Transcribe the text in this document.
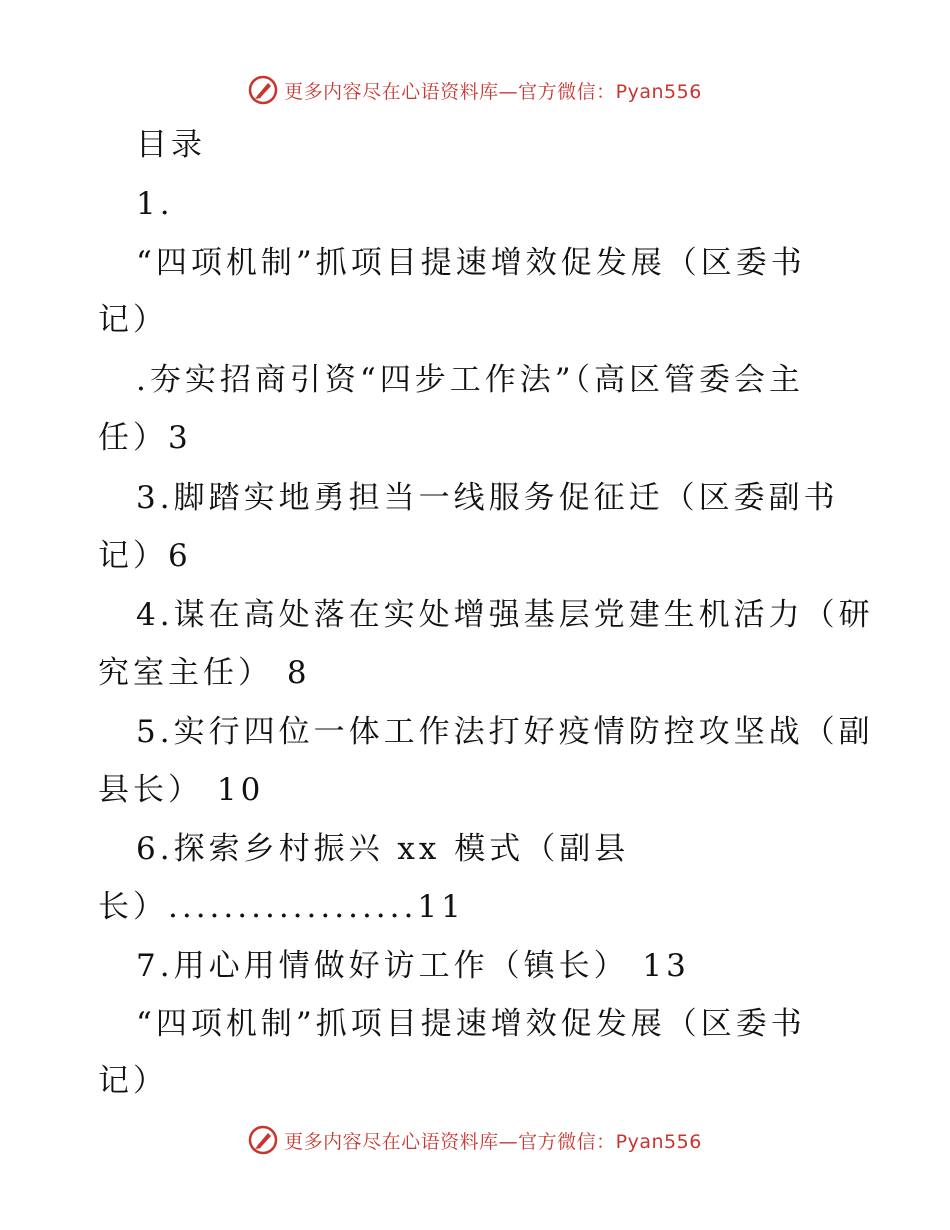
更多内容尽在心语资料库—官方微信：Pyan556
目录
1.
“四项机制”抓项目提速增效促发展（区委书
记）
.夯实招商引资“四步工作法”（高区管委会主
任）3
3.脚踏实地勇担当一线服务促征迁（区委副书
记）6
4.谋在高处落在实处增强基层党建生机活力（研
究室主任） 8
5.实行四位一体工作法打好疫情防控攻坚战（副
县长） 10
6.探索乡村振兴 xx 模式（副县
长）..................11
7.用心用情做好访工作（镇长） 13
“四项机制”抓项目提速增效促发展（区委书
记）
更多内容尽在心语资料库—官方微信：Pyan556
